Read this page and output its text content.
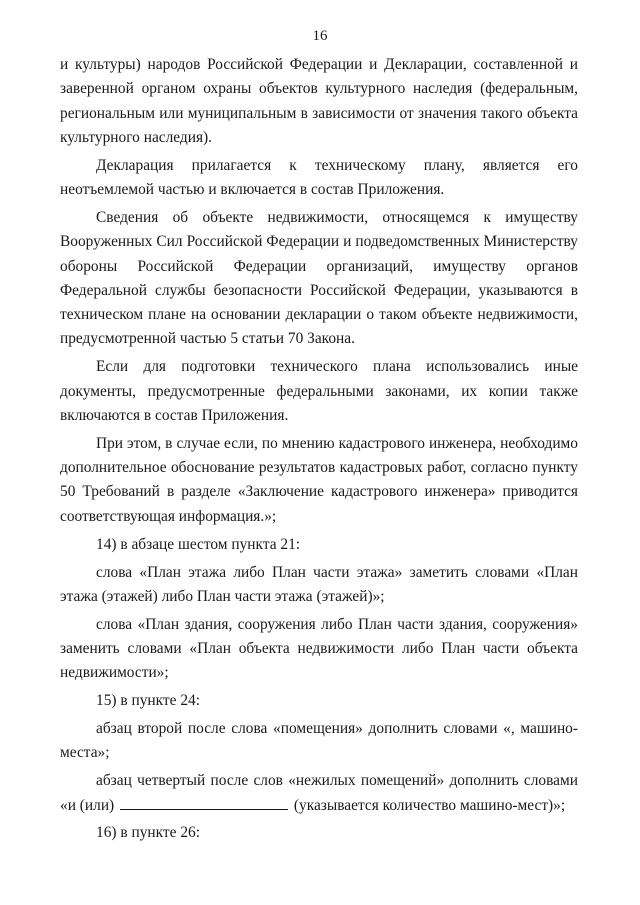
16

и культуры) народов Российской Федерации и Декларации, составленной и заверенной органом охраны объектов культурного наследия (федеральным, региональным или муниципальным в зависимости от значения такого объекта культурного наследия).

Декларация прилагается к техническому плану, является его неотъемлемой частью и включается в состав Приложения.

Сведения об объекте недвижимости, относящемся к имуществу Вооруженных Сил Российской Федерации и подведомственных Министерству обороны Российской Федерации организаций, имуществу органов Федеральной службы безопасности Российской Федерации, указываются в техническом плане на основании декларации о таком объекте недвижимости, предусмотренной частью 5 статьи 70 Закона.

Если для подготовки технического плана использовались иные документы, предусмотренные федеральными законами, их копии также включаются в состав Приложения.

При этом, в случае если, по мнению кадастрового инженера, необходимо дополнительное обоснование результатов кадастровых работ, согласно пункту 50 Требований в разделе «Заключение кадастрового инженера» приводится соответствующая информация.»;

14) в абзаце шестом пункта 21:

слова «План этажа либо План части этажа» заметить словами «План этажа (этажей) либо План части этажа (этажей)»;

слова «План здания, сооружения либо План части здания, сооружения» заменить словами «План объекта недвижимости либо План части объекта недвижимости»;

15) в пункте 24:

абзац второй после слова «помещения» дополнить словами «, машино-места»;

абзац четвертый после слов «нежилых помещений» дополнить словами «и (или)	(указывается количество машино-мест)»;

16) в пункте 26:
